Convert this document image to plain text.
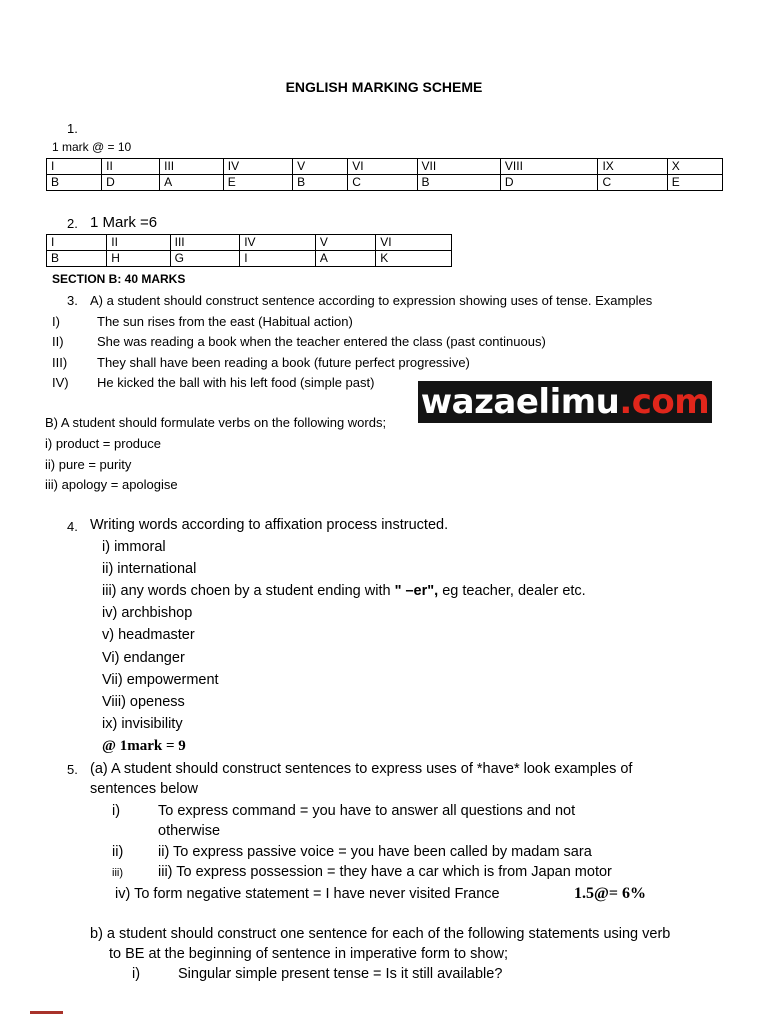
ENGLISH MARKING SCHEME
1.
1 mark @ = 10
I	II	III	IV	V	VI	VII	VIII	IX	X
B	D	A	E	B	C	B	D	C	E
2. 1 Mark =6
I	II	III	IV	V	VI
B	H	G	I	A	K
SECTION B: 40 MARKS
3. A) a student should construct sentence according to expression showing uses of tense. Examples
I)	The sun rises from the east (Habitual action)
II)	She was reading a book when the teacher entered the class (past continuous)
III) They shall have been reading a book (future perfect progressive)
IV) He kicked the ball with his left food (simple past) wazaelimu .com
B) A student should formulate verbs on the following words;
i) product = produce
ii) pure = purity
iii) apology = apologise
4. Writing words according to affixation process instructed.
i) immoral
ii) international
iii) any words choen by a student ending with " –er", eg teacher, dealer etc.
iv) archbishop
v) headmaster
Vi) endanger
Vii) empowerment
Viii) openess
ix) invisibility
@ 1mark = 9
5. (a) A student should construct sentences to express uses of *have* look examples of
sentences below
i)	To express command = you have to answer all questions and not
otherwise
ii) ii) To express passive voice = you have been called by madam sara
iii) iii) To express possession = they have a car which is from Japan motor
iv) To form negative statement = I have never visited France	1.5@= 6%
b) a student should construct one sentence for each of the following statements using verb
to BE at the beginning of sentence in imperative form to show;
i)	Singular simple present tense = Is it still available?
